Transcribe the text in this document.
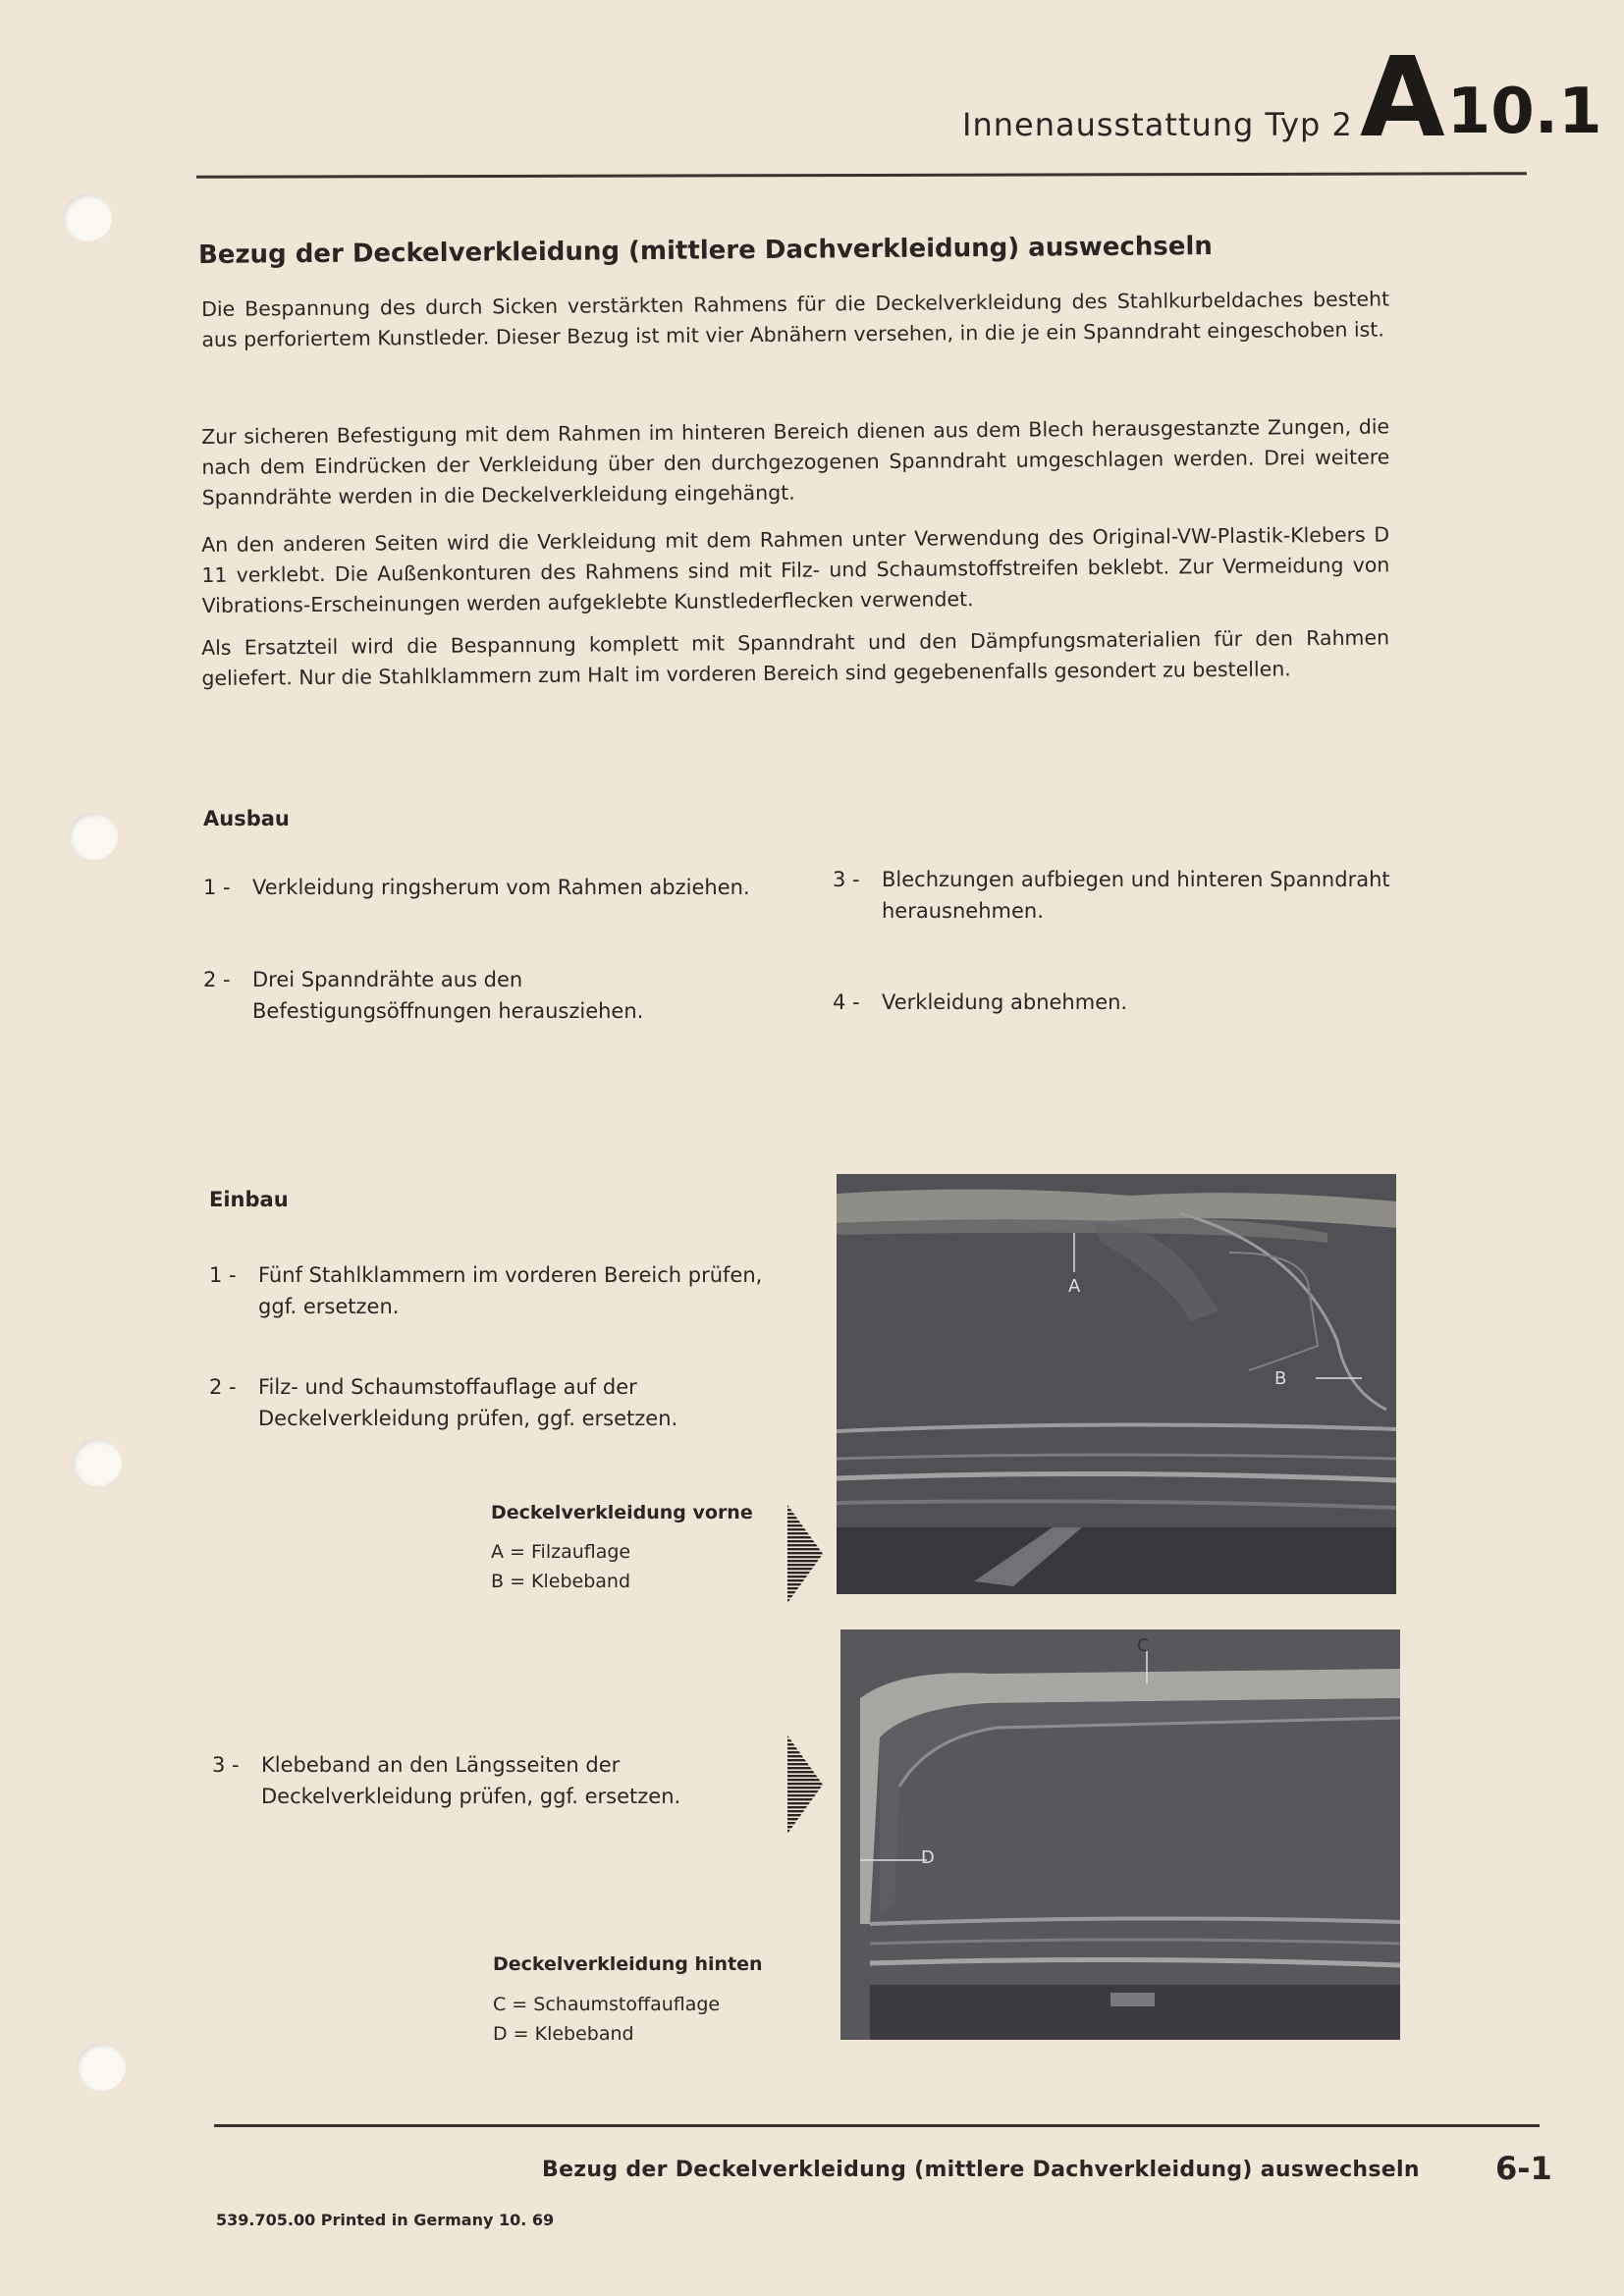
Innenausstattung Typ 2 A 10.1
Bezug der Deckelverkleidung (mittlere Dachverkleidung) auswechseln
Die Bespannung des durch Sicken verstärkten Rahmens für die Deckelverkleidung des Stahlkurbeldaches besteht aus perforiertem Kunstleder. Dieser Bezug ist mit vier Abnähern versehen, in die je ein Spanndraht eingeschoben ist.
Zur sicheren Befestigung mit dem Rahmen im hinteren Bereich dienen aus dem Blech herausgestanzte Zungen, die nach dem Eindrücken der Verkleidung über den durchgezogenen Spanndraht umgeschlagen werden. Drei weitere Spanndrähte werden in die Deckelverkleidung eingehängt.
An den anderen Seiten wird die Verkleidung mit dem Rahmen unter Verwendung des Original-VW-Plastik-Klebers D 11 verklebt. Die Außenkonturen des Rahmens sind mit Filz- und Schaumstoffstreifen beklebt. Zur Vermeidung von Vibrations-Erscheinungen werden aufgeklebte Kunstlederflecken verwendet.
Als Ersatzteil wird die Bespannung komplett mit Spanndraht und den Dämpfungsmaterialien für den Rahmen geliefert. Nur die Stahlklammern zum Halt im vorderen Bereich sind gegebenenfalls gesondert zu bestellen.
Ausbau
1 -	Verkleidung ringsherum vom Rahmen abziehen.
2 -	Drei Spanndrähte aus den Befestigungsöffnungen herausziehen.
3 -	Blechzungen aufbiegen und hinteren Spanndraht herausnehmen.
4 -	Verkleidung abnehmen.
Einbau
1 -	Fünf Stahlklammern im vorderen Bereich prüfen, ggf. ersetzen.
2 -	Filz- und Schaumstoffauflage auf der Deckelverkleidung prüfen, ggf. ersetzen.
3 -	Klebeband an den Längsseiten der Deckelverkleidung prüfen, ggf. ersetzen.
Deckelverkleidung vorne
A = Filzauflage
B = Klebeband
A
B
C
D
Deckelverkleidung hinten
C = Schaumstoffauflage
D = Klebeband
Bezug der Deckelverkleidung (mittlere Dachverkleidung) auswechseln 6-1
539.705.00 Printed in Germany 10. 69
